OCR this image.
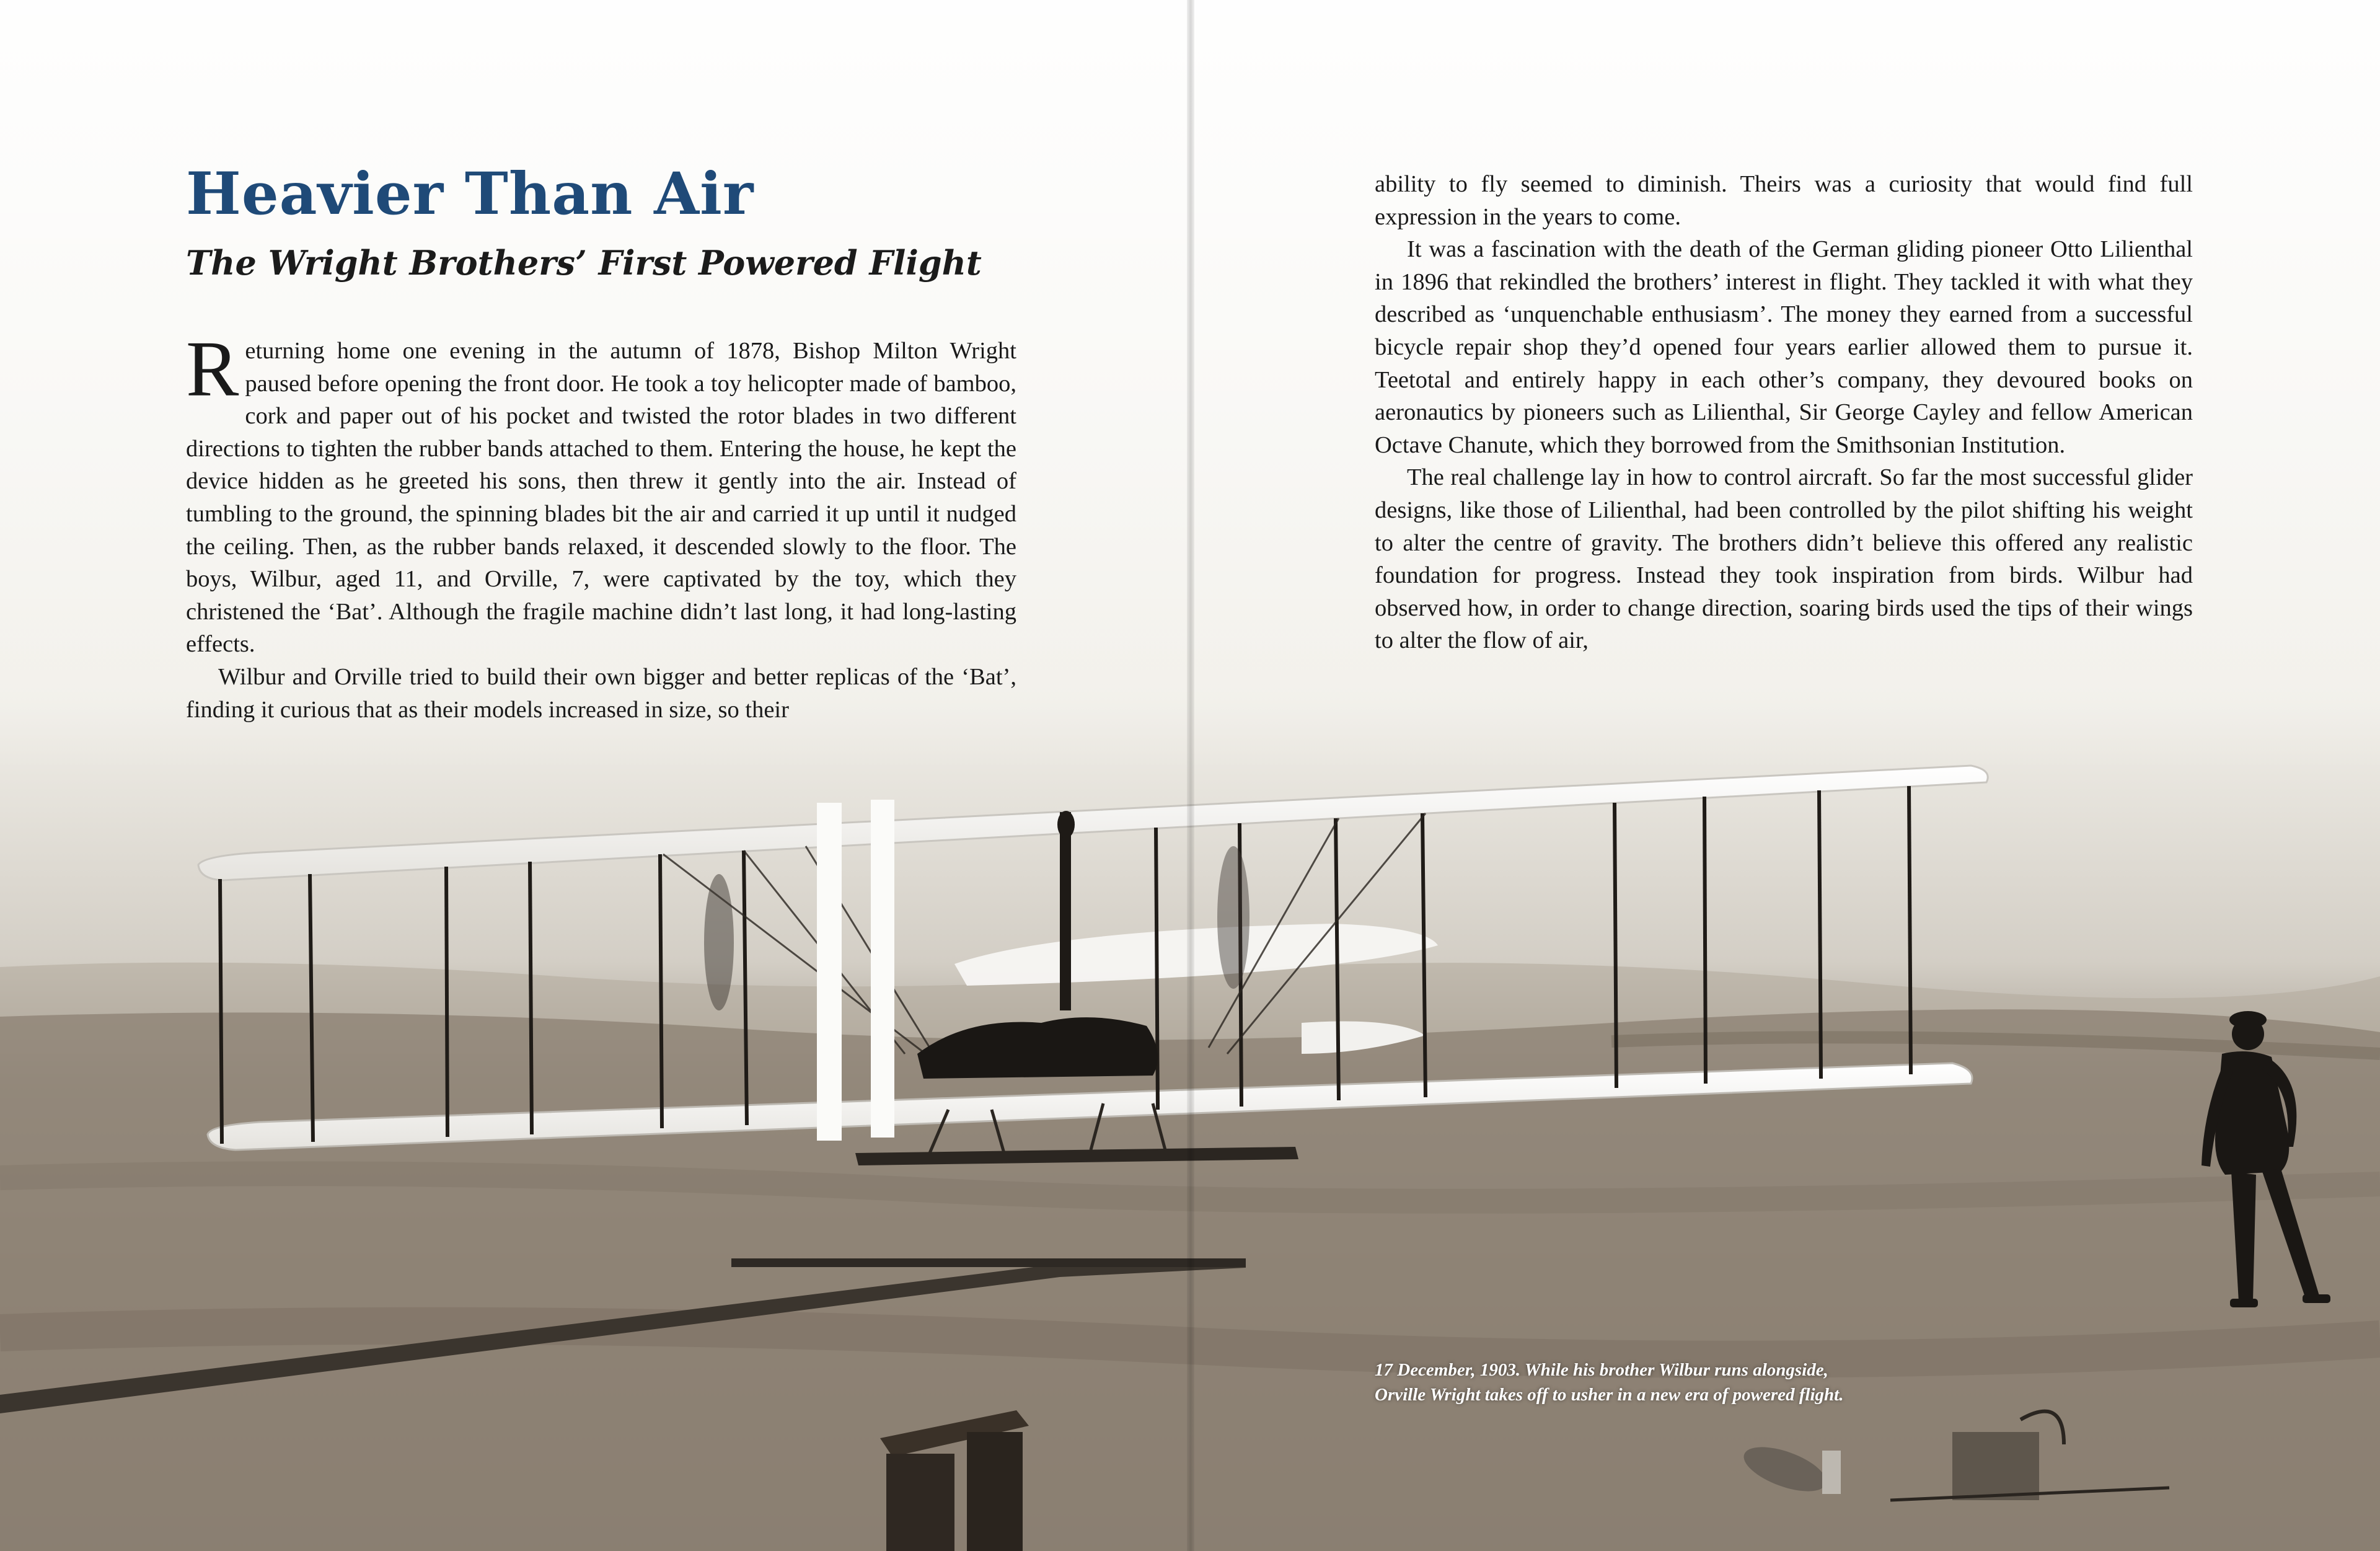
Heavier Than Air
The Wright Brothers’ First Powered Flight

Returning home one evening in the autumn of 1878, Bishop Milton Wright paused before opening the front door. He took a toy helicopter made of bamboo, cork and paper out of his pocket and twisted the rotor blades in two different directions to tighten the rubber bands attached to them. Entering the house, he kept the device hidden as he greeted his sons, then threw it gently into the air. Instead of tumbling to the ground, the spinning blades bit the air and carried it up until it nudged the ceiling. Then, as the rubber bands relaxed, it descended slowly to the floor. The boys, Wilbur, aged 11, and Orville, 7, were captivated by the toy, which they christened the ‘Bat’. Although the fragile machine didn’t last long, it had long-lasting effects.

Wilbur and Orville tried to build their own bigger and better replicas of the ‘Bat’, finding it curious that as their models increased in size, so their

ability to fly seemed to diminish. Theirs was a curiosity that would find full expression in the years to come.

It was a fascination with the death of the German gliding pioneer Otto Lilienthal in 1896 that rekindled the brothers’ interest in flight. They tackled it with what they described as ‘unquenchable enthusiasm’. The money they earned from a successful bicycle repair shop they’d opened four years earlier allowed them to pursue it. Teetotal and entirely happy in each other’s company, they devoured books on aeronautics by pioneers such as Lilienthal, Sir George Cayley and fellow American Octave Chanute, which they borrowed from the Smithsonian Institution.

The real challenge lay in how to control aircraft. So far the most successful glider designs, like those of Lilienthal, had been controlled by the pilot shifting his weight to alter the centre of gravity. The brothers didn’t believe this offered any realistic foundation for progress. Instead they took inspiration from birds. Wilbur had observed how, in order to change direction, soaring birds used the tips of their wings to alter the flow of air,

17 December, 1903. While his brother Wilbur runs alongside,
Orville Wright takes off to usher in a new era of powered flight.
